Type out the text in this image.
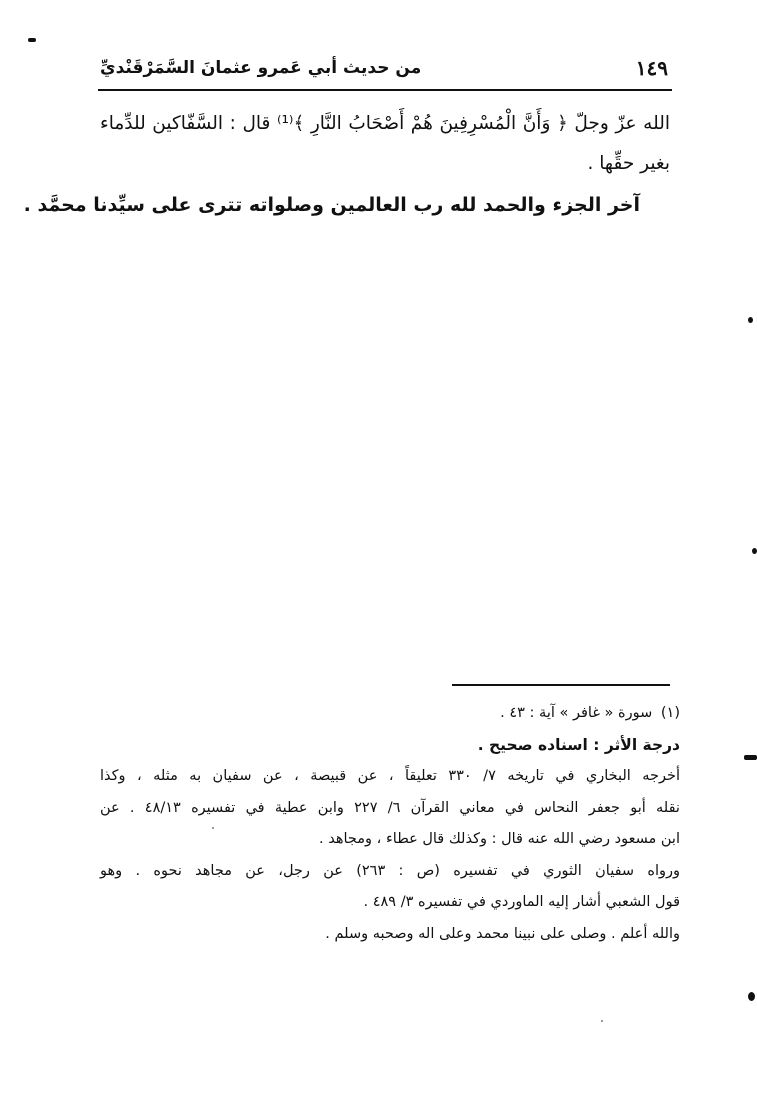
١٤٩
من حديث أبي عَمرو عثمانَ السَّمَرْقَنْديِّ
الله عزّ وجلّ ﴿ وَأَنَّ الْمُسْرِفِينَ هُمْ أَصْحَابُ النَّارِ ﴾⁽¹⁾ قال : السَّفّاكين للدِّماء بغير حقِّها .
آخر الجزء والحمد لله رب العالمين وصلواته تترى على سيِّدنا محمَّد .
(١) سورة « غافر » آية : ٤٣ .
درجة الأثر : اسناده صحيح .
أخرجه البخاري في تاريخه ٧/ ٣٣٠ تعليقاً ، عن قبيصة ، عن سفيان به مثله ، وكذا
نقله أبو جعفر النحاس في معاني القرآن ٦/ ٢٢٧ وابن عطية في تفسيره ٤٨/١٣ . عن
ابن مسعود رضي الله عنه قال : وكذلك قال عطاء ، ومجاهد .
ورواه سفيان الثوري في تفسيره (ص : ٢٦٣) عن رجل، عن مجاهد نحوه . وهو
قول الشعبي أشار إليه الماوردي في تفسيره ٣/ ٤٨٩ .
والله أعلم . وصلى على نبينا محمد وعلى اله وصحبه وسلم .
